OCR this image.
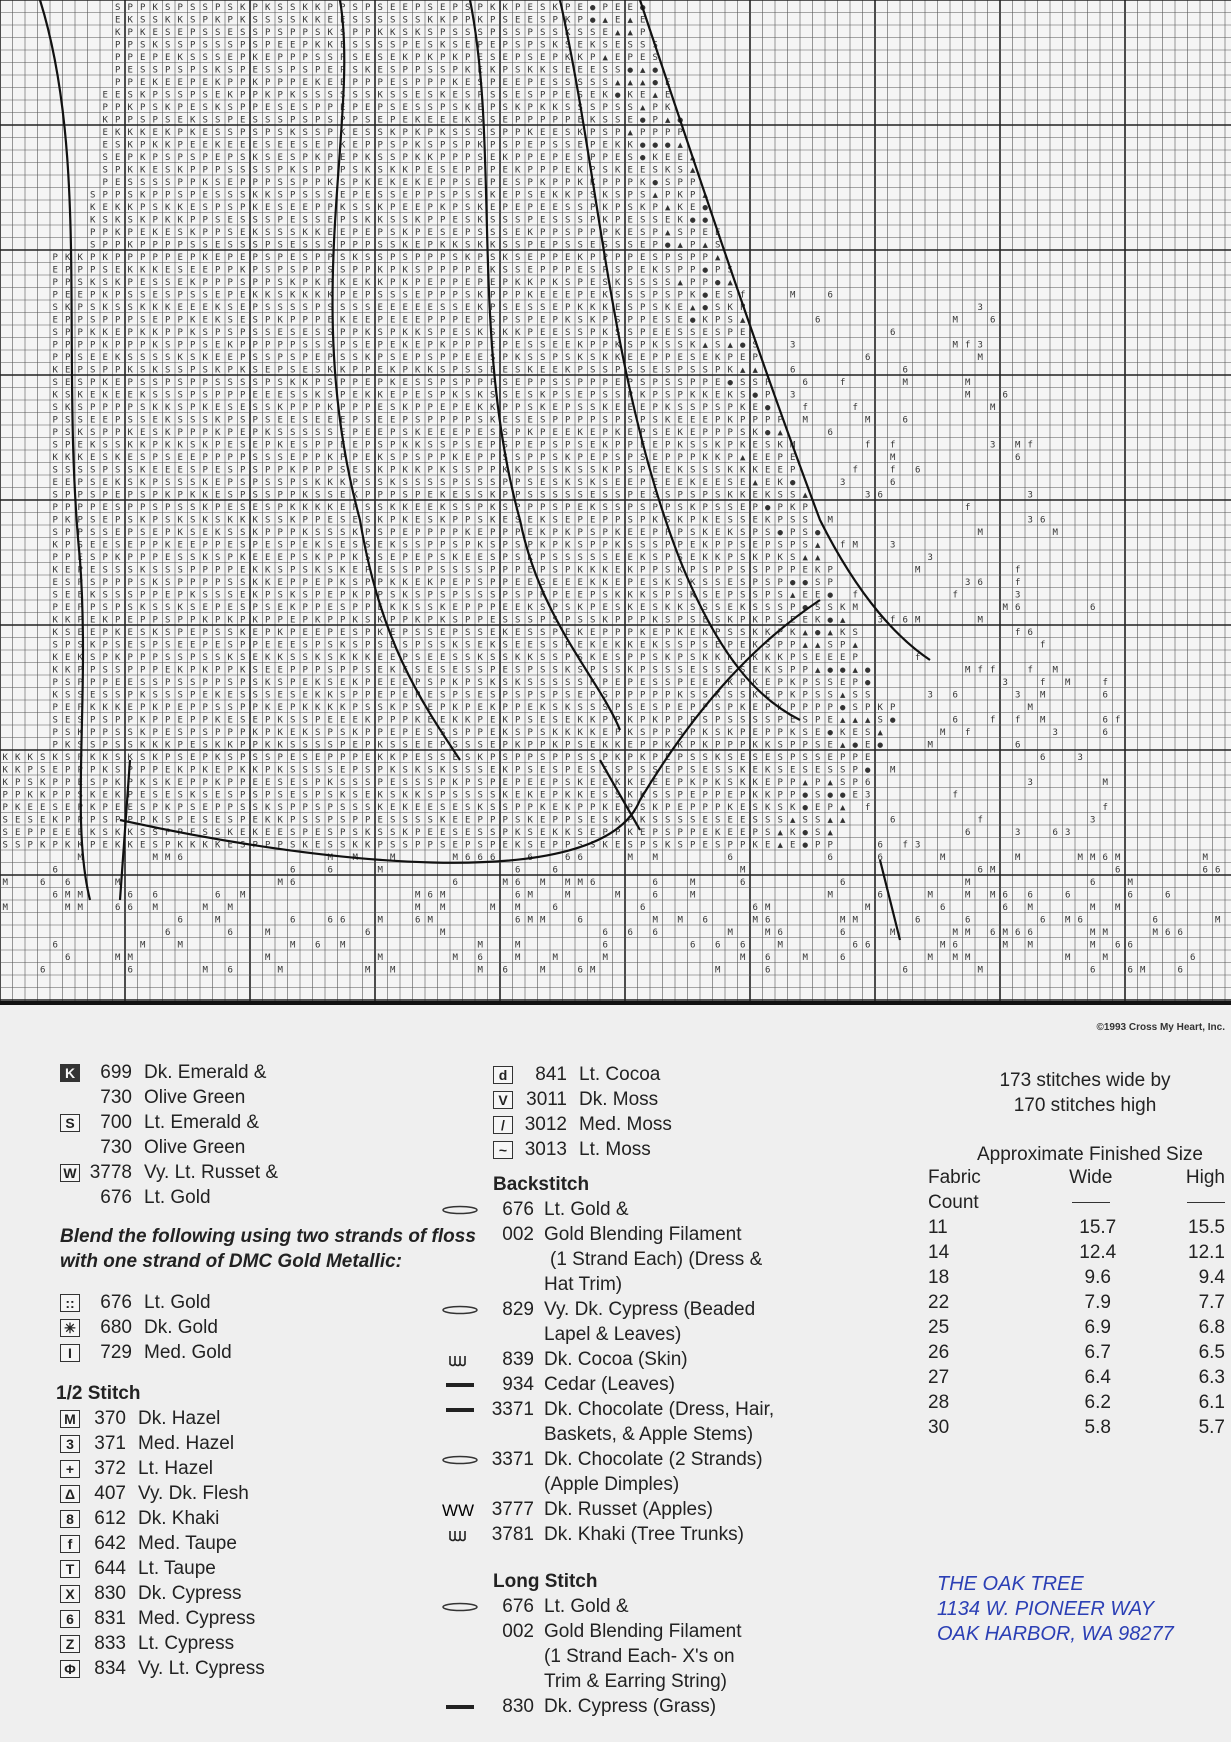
S P P K S P S S P S K P K S S K K P P S P S E E P S E P S P K K P E S K P E ● P E E ●
E K S S K K S P K P K S S S S K K E E S S S S S S K K P P K P S E E S P K P ● ▲ E ▲ E
K P K E S E P S S E S S P S P P S K S P P K K S K S P S S S P S S P S S K S S E ▲ ▲ P
P P S K S S P S S S P S P E E P K K E S S S S P E S K S E P E P S P S K S E K S E S S S
P P E P E K S S S E P K E P P P S S P S E S E K P K P K P E S E P S E P K K P ▲ E P E S
P E S S P S P S K S P E S S P S P E P S K E S P P S S P K E K P S K K S E E E S S ● ▲ ●
P P E K E E P E K P P K P P P E K E E P P P E S P P P K E S P E E P E S S S S S ▲ ▲ ▲ ● E
E E S K P S S P S E K P P K P K S S S S S S K S S E S K E S P S S E S P P E S E K ● K E ▲ E
P P K P S K P E S K S P P E S E S P P E P E P S E S S P S K E P S K P K K S S S P S S ▲ P K
K P P S P S E K S S P E S S S P S P S P P S E P E K E E E K S S E P P P P P E K S S E ● P ▲ ●
E K K K E K P K E S S P S P S K S S P K E S S K P K P K S S S S P P K E E S K P S P ▲ P P P P
E S K P K K P E E K E E E S E E S E P K E P P S P K S P S P K P S P E P S S E P E K K ● ● ● ▲
S E P K P S P S P E P S K S E S P K P E P K S S P K K P P P S E K P P E P E S P P E S ● K E E ▲
S P K K E S K P P P S S S S P K S P P P S K S K K P E S E P P P E K P P P E K P S K E E S K S ▲
P E S S S S P P K S E P P P S S P P K S P K E K E K E P P S E P E S P K P P K K P P P K ● S P P
S P P S K P P S P E S S S K K S P S S S E P E S S E P P S P S S K E P S E K K P S K S P S ▲ P K P ▲
K E K K P S K K E S P S P K E S E E P P K S S K P E E P K P S K E P E P E E S S P K P S K P ▲ K E ●
K S K S K P K K P P S E S S S P E S S E P S K K S S K P P E S K S S S P E S S S P K P E S S E K ● ●
P P K P E K E S K P P S E K S S S K K E E P E P S K P E S E P S S S E K P P S P P P K E S P ▲ S P E E
S P P K P P P P S S E S S S P S E S S S P P P S S K E P K K S K K S S P E P S S E S S S E P ● ▲ P ▲ S
P K K P K P P P P P E P K E P E P S P E S P P S K S S P S P P P S K P S K S E P P E K P P P P E S P S P P ▲
E P P P S E K K K E S E E P P K P S P S P P S S P P K P K S P P P P E K S S E P P P E S P S P E K S P P ● P S
P P S K S K P E S S E K P P P S P P S K P K P K E K K P K P E P P E P E P K K P K S P E S K S S S S ▲ P P ● ▲
P E E P K P S S E S P S S E P E K K S K K K K P E P S S S E P P P S K P P P K E E E P E K S S S P S P K ● E S f	M	6
S K P S K S S K K K E E E K S E P S S S S P S S S S E E E E E S S E K P S E S S E P K K K E S P S K E ▲ ● S K P	3
E P P S P P P S E P P K E K S E S P K P P P E K E E P E E E P P P E P S P S P E P K S K P S P P E S E ● K P S ▲	6	M	6
S P P K K E P K K P P K S P S P S S E S E S S P P K S P K K S P E S K S K K P E E S S P K S S P E E S S E S P E	6
P P P P K P P P K S P P S E K P P P P P S S S P S E P E K E P K P P P E P E S S E E K P P K S P K S S K ▲ S ▲ ● S	3	M f 3
P P S E E K S S S S K S K E E P S S P S P E P S S K P S E P S P P E E S P K S S P S K S K K E E P P E S E K P E P	6	M
K E P S P P K S K S S P S K P K S E P S E S K K P P E K P K K S P S S E E S K E E K P S S P S S E S P S S P K ▲ ▲	6	6
S E S P K E P S S P S P P S S S S P S K K P S P P E P K E S S P S P P P S E P P S S P P P E P S P S S P P E ● S S P	6	f	M	M
K S K E K E E K S S S P S P P P E E E S S K S P E K K E P E S P K S K S S E S K P S E P S S P K P S P K K E K S ● P 3	M	6
S K S P P P P S K K S P K E S E S S K P P P K P P P E S K P P E P E K K P P S K E P S S K E E E P K S S P S P K E ●	f	f	M
P S S E E P S S E K S S S K P S P S E E S E E E P S E E P S P P P P S K E S E S P P P P S P S P S K E E E P K P P P P M	M	6
P S K S P P K E S K P P P K P E P K S S S S S E P E E P S K E E E P E S S P K P E E K E P K E P S E K E P P P S K ● ▲	6
S P E K S S K K P K K S K P E S E P K E S P P E E P S P K K S S P S E P S P E P S P S E K P P E E P K S S K P K E S K M	f f	3 M f
K K K E S K E S P S E E P P P P S S S E P P K P P E K S P S P P K E P P S S P P S K P E P S P S E P P P K K P ▲ E E P E	M	6
S S S S P S S K E E E S P E S P S P P K P P P S E S K P K K P K S S P P K K P S S K S S K P S P E E K S S S K K K E E P	f	f 6
E E P S E K S K P S S S K E P S P S S P S K K K P S S K S S S S P S S S P P S E S K S K S E E P E E E K E E S E ▲ E K ●	3	6
S P P S P E P S P K P K K E S P S S P P K S S E K P P P S P E K E S S K P P S S S S S E S S P E S S P S P S K K E K S S ▲	3 6	3
P P P P E S P P S P S S K P E S E S P K K K K E P S S K K E E K S S P K S P P P S P E K S S P S P P S K P S S E P ● P K P	f
P K P S E P S K P S K S K S K K K S S K P P E S E S K P K E S K P P S K E S E K S E P E P P S P K S K P K E S S E K P S S M	3 6
S P P S S E P S E P K S E K S S K P P P K S S S K P S P E P P P P K E P P P E K P K P S P K E E P P P S K E K S P S ● P S ●	M	M
K P S E E S E P P K E E P P E S P E S P E K S E S S E K S S P P S P K S P S P K P K S P P K S S S P P E K P P S E P S P S ▲ f M	3
P P E S P K P P P E S S K S P K E E E P S K P P K S S E P E P S K E E S P S K P S S S S S E E K S P S E K K P S K P K S ▲ ▲	3
K E P E S S S K S S S P P P P E K K S P S K S K E P E S S P P S S S S P P P E P S P K K K E K P P S K P S P P S S P P P E K P	M	f
E S P S P P P S K S P P P P S S K K E P P E P K S P P K K E K P E P S P P E E S E E E K K E P E S K S K S S E S P S P ● ● S P	3 6	f
S E E K S S S P P E P K S S S E K P S K S P E P K P P S K S P S P S S S P S P K P E E P S K K K S P S K S E P S S P S ▲ E E ● f	f	3
P E P P S P S K S S K S E P E S P S E K P P E S P P E K K S S K E P P P E E K S P S K P E S K E S K K S S S E K S S S P ● S S K M	M 6	6
K K P E K P E P P S P P K P K P K P P E P K P P K S K P P K P K S P P E S S S P S P S S K P P P K S P S E S K P K P S E E K ● ▲	3 f 6 M	M
K S E E P K E S K S P E P S S K E P K P E E P E S P K E P S S E P S S E K E S S P E K E P P P K E P K E K P S S K K P K ▲ ● ▲ K S	f 6
S P S K P S E S P S E E P E S P P E E E S P S K S P S E S P S S K S E K S E E S S P E K E K K E K S S P S E P E K S P P ▲ ▲ S P ▲	f
K E K S P K P P P S S P S S K S E K K S S K S K K K E E P S E E S S K S S K K S S P S K E S P P S K P S K K K P K K K P S E E E P	f
K K P P S S P P P E K P K P P K S E E P P P S P P S E K E S E S E S S P E S P S S K S P S S K P S S S E S S E S E K S P P ▲ ● ● ▲ ●	M f f	f M
P S P P P E E S S P S S P P S P S K S P E K S E K P E E E P S P K P S K S K S S S S S K P E P E S S P E E P K P K E P K P S S E P ●	3	f M	f
K S S E S S P K S S S P E K E S S S E S E K K S P P E P E P E S P S E S P S P S P S E P S P P P P P K S S K S S K E P K P S S ▲ S S	3 6	3 M	6
P E P K K K E P K P E P P S S P P K E P K K K K P S S K P S E P K P E K P P E K S K S S S P S E S P E P P S P K E P K P P P P ● S P K P	M
S E S P S P P K P P E P P K E S E P K S S P E E E K P P P K E E K K P E K P S E S E K K P P K P K P P P S P S S S S P E S P E ▲ ▲ ▲ S ●	6	f f M	6 f
P S K P P S S K P E S P S P P P K P K E K S P S K P P E P E S S S P P E K S P S K K K K E P K S P P S P K S K P E P P K S E ● K E S ▲	M f	3	6
P K S S P S S K K K P E S K K P P K K S S S S P E P K S S E E P S S S E P K P P K P S E K K E P P K K P K P P P K K S P P S E ▲ ● E ●	M	6
K K K S K S P K K S K S K P S E P K S P S S P E S E P P P E K K P E S S E S K P S P P S P P S S P K P K P E P S S K S E S E S P S S E P P E	6	3
K K P S E P P P K S P P P E K P K E P K K P K S S S S E P S P K S K S K S S S E K P S E S P E S S S P S S E P S E S S K E K S E S E S S P ● M
K P S K P P E S P K P K S K E P P K P P E E S E S P K S S S P E S S S P K P S P E P E E P S K E E K K E E E P K P K S K K E P P ▲ P ▲ S P 6	3	M
P P K K P P S K E K P E S E S K S E S P S P S E S P S K S E K S K K S P S S S S K E K E P K K E S S K K S S P E P P E P K K P P ● S ● ● E 3	f
P K E E S E P K P E E S P K P S E P P S S K S P P S P S S S K E K E E S E S K S S P P K E K P P K E P S K P E P P P K E S K S K ● E P ▲ f	f
S E S E K P P P S P P P K S P E S E S P E K K P S S P S P P E S S S S K E E P P P S K E P P S E S K P K S S S S E S E E S S S ▲ S S ▲ ▲	6	f	3
S E P P E E E K S K K S S P P E S S K E K E E S P E S P S K S S K P E E S E S S P K S E K K S E P P K E P S P P E K E E P S ▲ K ● S ▲	6	3	6 3
S S P K P K K P E K K E S P K K K K E S P P P S K E S S K K P S S P P S E P S P E K S E P P S S K E S P S K S P E S P P K E ▲ E ● P P	6 f 3
M	M M 6	M M	M	M 6 6 6	6	6 6	M M	6	6	6	M	M	M M 6 M	M
6	6	6	M	6	6	M	6 M	6	6 6
M	6 6	M	M 6	6	M 6 M M M 6	6	M	6	6	M	6	M
6 M M	6 6	6 M	M 6 M	6 M	M	M	6	M	M	6	M	M M 6 6	6	6	6
M	M M	6 6 M	M M	M M	M M	6	6	6 M	M	6	6 M	M M
6	M	6	6 6	M	6 M	6 M M	6	M M 6	M 6	M M	6	6	6 M 6	6	M
6	6	M	6	M	6 6 6	M	M 6	6	M	M M 6 M 6 6	M M	M 6 6
6	M	M	M 6 M	M	M	6	6 6 6	M	6 6	M 6	M M	M 6 6
6	M M	M	M	M 6	M	M	M	M 6	M	6	M M M	M	M	6
6	6	M 6	M	M M	M 6	M	6 M	M	6	6	M	6	6 M	6
©1993 Cross My Heart, Inc.
K	699 Dk. Emerald &
730 Olive Green
S	700 Lt. Emerald &
730 Olive Green
W 3778 Vy. Lt. Russet &
676 Lt. Gold
Blend the following using two strands of floss with one strand of DMC Gold Metallic:
::	676 Lt. Gold
✳	680 Dk. Gold
I	729 Med. Gold
1/2 Stitch
M 370 Dk. Hazel
3	371 Med. Hazel
+	372 Lt. Hazel
Δ	407 Vy. Dk. Flesh
8	612 Dk. Khaki
f	642 Med. Taupe
T	644 Lt. Taupe
X	830 Dk. Cypress
6	831 Med. Cypress
Z	833 Lt. Cypress
Φ 834 Vy. Lt. Cypress
d	841 Lt. Cocoa
V 3011 Dk. Moss
/	3012 Med. Moss
~ 3013 Lt. Moss
Backstitch
676 Lt. Gold &
002 Gold Blending Filament
(1 Strand Each) (Dress &
Hat Trim)
829 Vy. Dk. Cypress (Beaded
Lapel & Leaves)
839 Dk. Cocoa (Skin)
934 Cedar (Leaves)
3371 Dk. Chocolate (Dress, Hair,
Baskets, & Apple Stems)
3371 Dk. Chocolate (2 Strands)
(Apple Dimples)
WW 3777 Dk. Russet (Apples)
3781 Dk. Khaki (Tree Trunks)
Long Stitch
676 Lt. Gold &
002 Gold Blending Filament
(1 Strand Each- X's on
Trim & Earring String)
830 Dk. Cypress (Grass)
173 stitches wide by
170 stitches high
Approximate Finished Size
Fabric	Wide	High
Count		
11	15.7	15.5
14	12.4	12.1
18	9.6	9.4
22	7.9	7.7
25	6.9	6.8
26	6.7	6.5
27	6.4	6.3
28	6.2	6.1
30	5.8	5.7
THE OAK TREE
1134 W. PIONEER WAY
OAK HARBOR, WA 98277
